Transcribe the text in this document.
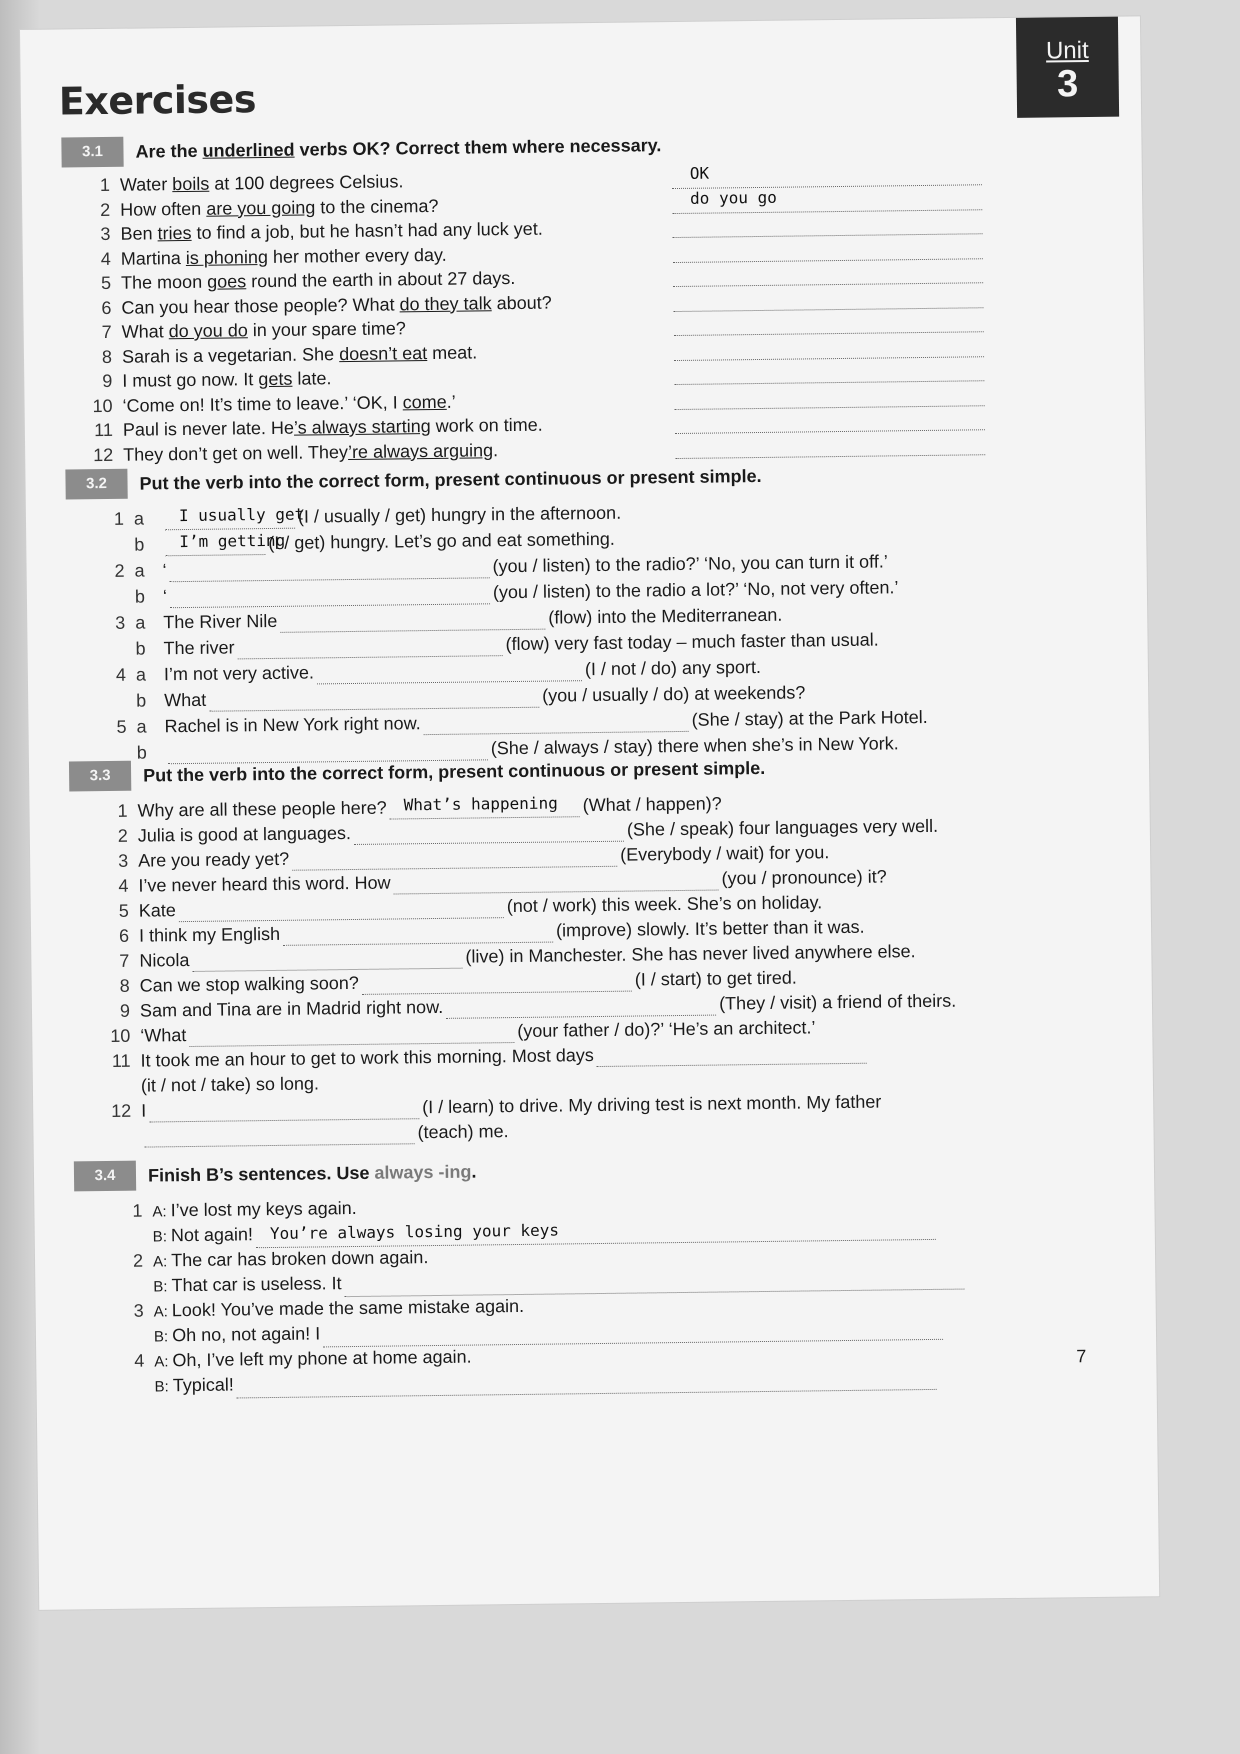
Exercises
Unit
3
3.1	Are the underlined verbs OK? Correct them where necessary.
1 Water boils at 100 degrees Celsius.	OK
2 How often are you going to the cinema?	do you go
3 Ben tries to find a job, but he hasn’t had any luck yet.
4 Martina is phoning her mother every day.
5 The moon goes round the earth in about 27 days.
6 Can you hear those people? What do they talk about?
7 What do you do in your spare time?
8 Sarah is a vegetarian. She doesn’t eat meat.
9 I must go now. It gets late.
10 ‘Come on! It’s time to leave.’ ‘OK, I come.’
11 Paul is never late. He’s always starting work on time.
12 They don’t get on well. They’re always arguing.
3.2	Put the verb into the correct form, present continuous or present simple.
1 a I usually get
(I / usually / get) hungry in the afternoon.
b I’m getting
(I / get) hungry. Let’s go and eat something.
2 a ‘	(you / listen) to the radio?’ ‘No, you can turn it off.’
b ‘	(you / listen) to the radio a lot?’ ‘No, not very often.’
3 a The River Nile	(flow) into the Mediterranean.
b The river	(flow) very fast today – much faster than usual.
4 a I’m not very active.	(I / not / do) any sport.
b What	(you / usually / do) at weekends?
5 a Rachel is in New York right now.	(She / stay) at the Park Hotel.
b	(She / always / stay) there when she’s in New York.
3.3	Put the verb into the correct form, present continuous or present simple.
1 Why are all these people here? What’s happening (What / happen)?
2 Julia is good at languages.	(She / speak) four languages very well.
3 Are you ready yet?	(Everybody / wait) for you.
4 I’ve never heard this word. How	(you / pronounce) it?
5 Kate	(not / work) this week. She’s on holiday.
6 I think my English	(improve) slowly. It’s better than it was.
7 Nicola	(live) in Manchester. She has never lived anywhere else.
8 Can we stop walking soon?	(I / start) to get tired.
9 Sam and Tina are in Madrid right now.	(They / visit) a friend of theirs.
10 ‘What	(your father / do)?’ ‘He’s an architect.’
11 It took me an hour to get to work this morning. Most days
(it / not / take) so long.
12 I	(I / learn) to drive. My driving test is next month. My father
(teach) me.
3.4	Finish B’s sentences. Use always -ing.
1 A: I’ve lost my keys again.
B: Not again! You’re always losing your keys
2 A: The car has broken down again.
B: That car is useless. It
3 A: Look! You’ve made the same mistake again.
B: Oh no, not again! I
4 A: Oh, I’ve left my phone at home again.
B: Typical!
7
